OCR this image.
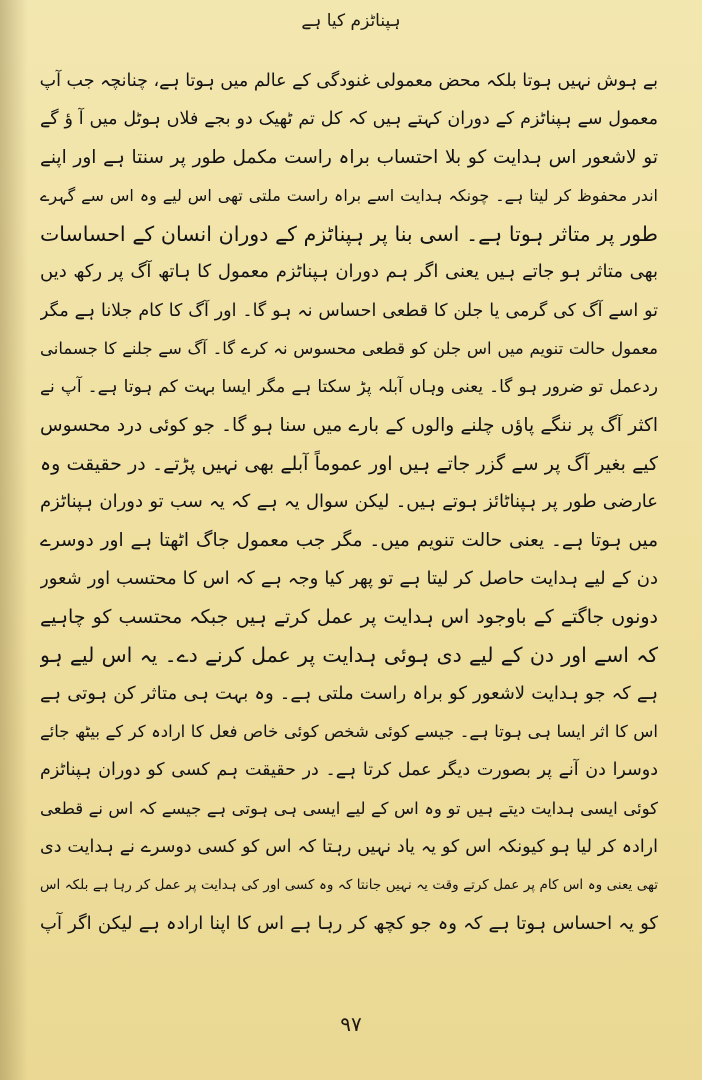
ہپناٹزم کیا ہے
بے ہوش نہیں ہوتا بلکہ محض معمولی غنودگی کے عالم میں ہوتا ہے، چنانچہ جب آپ
معمول سے ہپناٹزم کے دوران کہتے ہیں کہ کل تم ٹھیک دو بجے فلاں ہوٹل میں آ ؤ گے
تو لاشعور اس ہدایت کو بلا احتساب براہ راست مکمل طور پر سنتا ہے اور اپنے
اندر محفوظ کر لیتا ہے۔ چونکہ ہدایت اسے براہ راست ملتی تھی اس لیے وہ اس سے گہرے
طور پر متاثر ہوتا ہے۔ اسی بنا پر ہپناٹزم کے دوران انسان کے احساسات
بھی متاثر ہو جاتے ہیں یعنی اگر ہم دوران ہپناٹزم معمول کا ہاتھ آگ پر رکھ دیں
تو اسے آگ کی گرمی یا جلن کا قطعی احساس نہ ہو گا۔ اور آگ کا کام جلانا ہے مگر
معمول حالت تنویم میں اس جلن کو قطعی محسوس نہ کرے گا۔ آگ سے جلنے کا جسمانی
ردعمل تو ضرور ہو گا۔ یعنی وہاں آبلہ پڑ سکتا ہے مگر ایسا بہت کم ہوتا ہے۔ آپ نے
اکثر آگ پر ننگے پاؤں چلنے والوں کے بارے میں سنا ہو گا۔ جو کوئی درد محسوس
کیے بغیر آگ پر سے گزر جاتے ہیں اور عموماً آبلے بھی نہیں پڑتے۔ در حقیقت وہ
عارضی طور پر ہپناٹائز ہوتے ہیں۔ لیکن سوال یہ ہے کہ یہ سب تو دوران ہپناٹزم
میں ہوتا ہے۔ یعنی حالت تنویم میں۔ مگر جب معمول جاگ اٹھتا ہے اور دوسرے
دن کے لیے ہدایت حاصل کر لیتا ہے تو پھر کیا وجہ ہے کہ اس کا محتسب اور شعور
دونوں جاگتے کے باوجود اس ہدایت پر عمل کرتے ہیں جبکہ محتسب کو چاہیے
کہ اسے اور دن کے لیے دی ہوئی ہدایت پر عمل کرنے دے۔ یہ اس لیے ہو
ہے کہ جو ہدایت لاشعور کو براہ راست ملتی ہے۔ وہ بہت ہی متاثر کن ہوتی ہے
اس کا اثر ایسا ہی ہوتا ہے۔ جیسے کوئی شخص کوئی خاص فعل کا ارادہ کر کے بیٹھ جائے
دوسرا دن آنے پر بصورت دیگر عمل کرتا ہے۔ در حقیقت ہم کسی کو دوران ہپناٹزم
کوئی ایسی ہدایت دیتے ہیں تو وہ اس کے لیے ایسی ہی ہوتی ہے جیسے کہ اس نے قطعی
ارادہ کر لیا ہو کیونکہ اس کو یہ یاد نہیں رہتا کہ اس کو کسی دوسرے نے ہدایت دی
تھی یعنی وہ اس کام پر عمل کرتے وقت یہ نہیں جانتا کہ وہ کسی اور کی ہدایت پر عمل کر رہا ہے بلکہ اس
کو یہ احساس ہوتا ہے کہ وہ جو کچھ کر رہا ہے اس کا اپنا ارادہ ہے لیکن اگر آپ
۹۷
